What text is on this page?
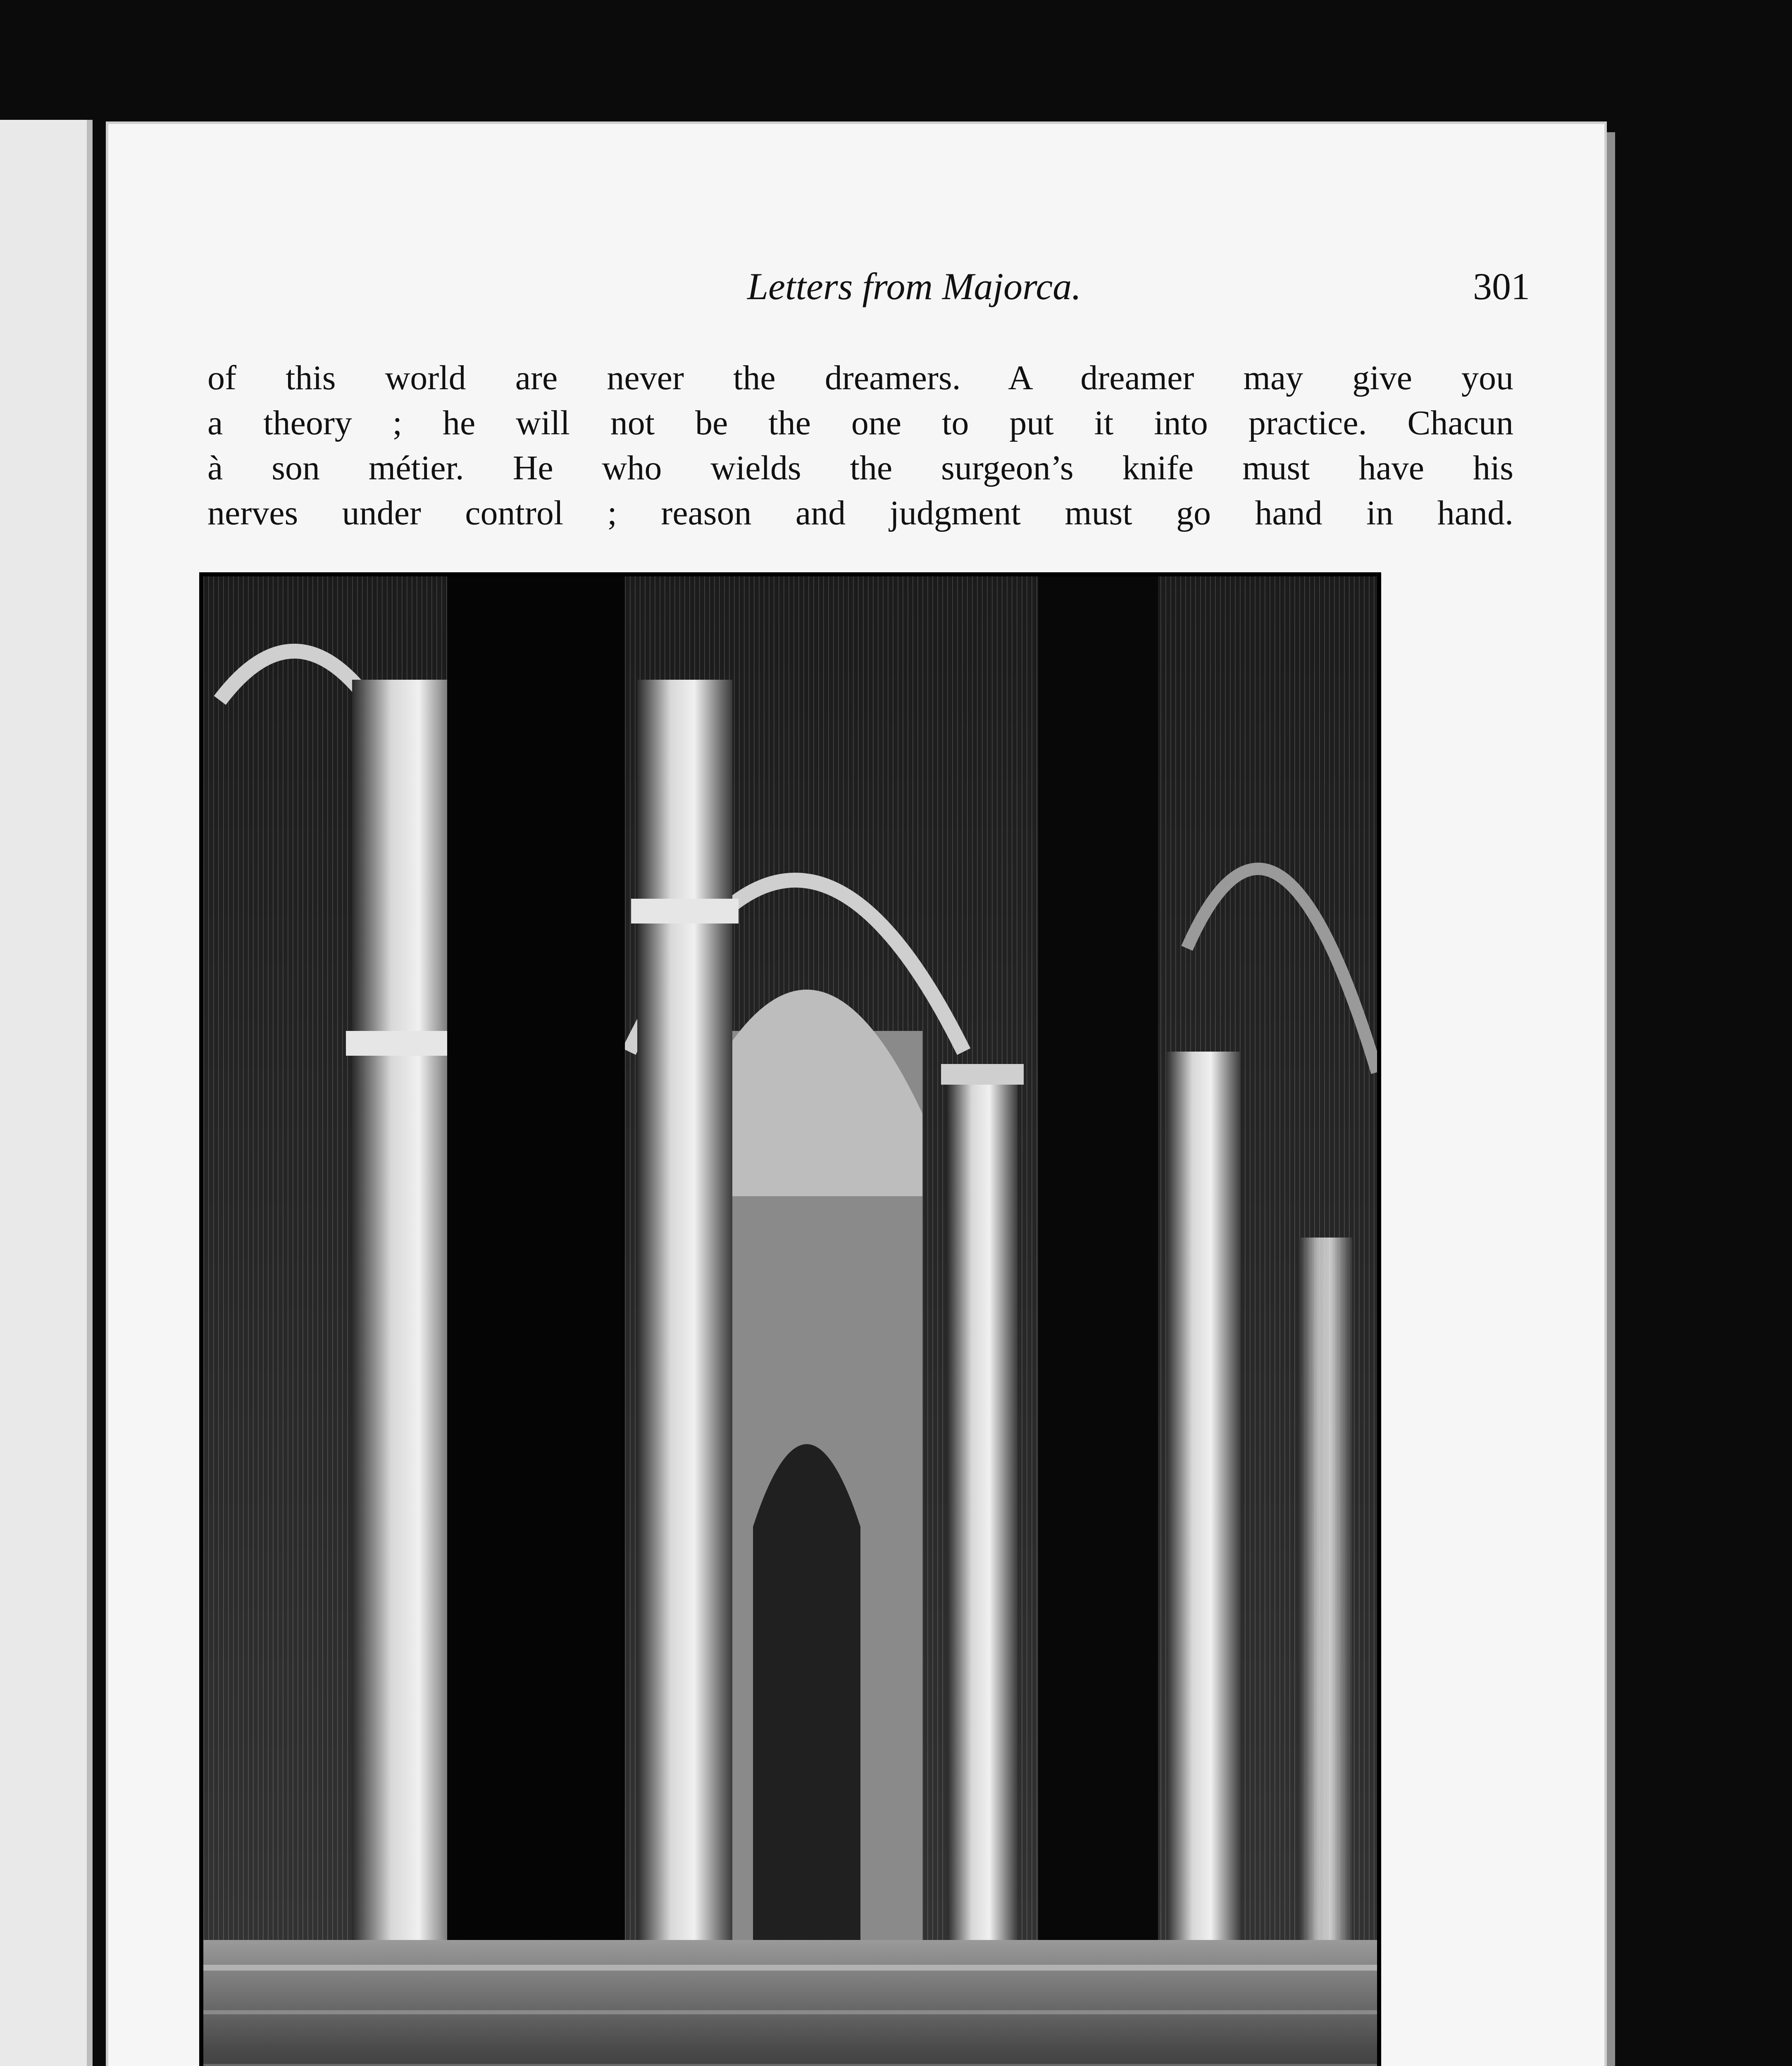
Letters from Majorca.	301
of this world are never the dreamers. A dreamer may give you
a theory ; he will not be the one to put it into practice. Chacun
à son métier. He who wields the surgeon’s knife must have his
nerves under control ; reason and judgment must go hand in hand.
